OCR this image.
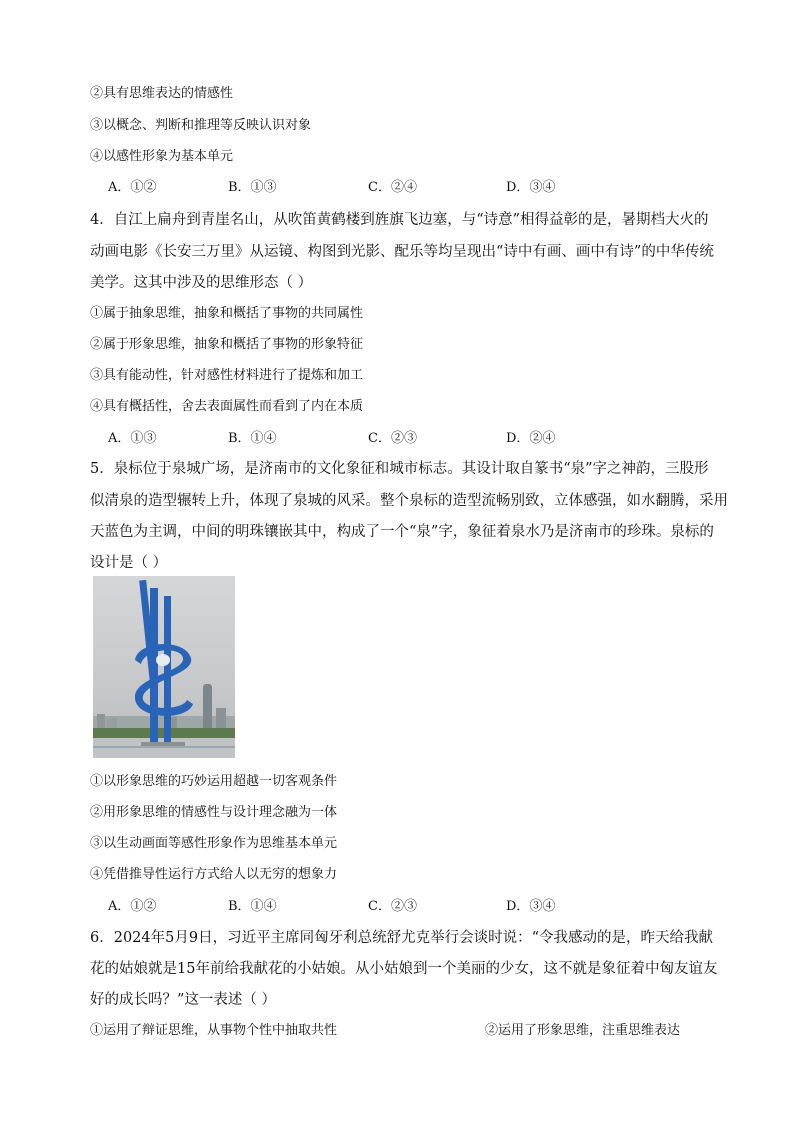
②具有思维表达的情感性
③以概念、判断和推理等反映认识对象
④以感性形象为基本单元
A．①②	B．①③	C．②④	D．③④
4．自江上扁舟到青崖名山，从吹笛黄鹤楼到旌旗飞边塞，与“诗意”相得益彰的是，暑期档大火的
动画电影《长安三万里》从运镜、构图到光影、配乐等均呈现出“诗中有画、画中有诗”的中华传统
美学。这其中涉及的思维形态（ ）
①属于抽象思维，抽象和概括了事物的共同属性
②属于形象思维，抽象和概括了事物的形象特征
③具有能动性，针对感性材料进行了提炼和加工
④具有概括性，舍去表面属性而看到了内在本质
A．①③	B．①④	C．②③	D．②④
5．泉标位于泉城广场，是济南市的文化象征和城市标志。其设计取自篆书“泉”字之神韵，三股形
似清泉的造型辗转上升，体现了泉城的风采。整个泉标的造型流畅别致，立体感强，如水翻腾，采用
天蓝色为主调，中间的明珠镶嵌其中，构成了一个“泉”字，象征着泉水乃是济南市的珍珠。泉标的
设计是（ ）
①以形象思维的巧妙运用超越一切客观条件
②用形象思维的情感性与设计理念融为一体
③以生动画面等感性形象作为思维基本单元
④凭借推导性运行方式给人以无穷的想象力
A．①②	B．①④	C．②③	D．③④
6．2024年5月9日，习近平主席同匈牙利总统舒尤克举行会谈时说：“令我感动的是，昨天给我献
花的姑娘就是15年前给我献花的小姑娘。从小姑娘到一个美丽的少女，这不就是象征着中匈友谊友
好的成长吗？”这一表述（ ）
①运用了辩证思维，从事物个性中抽取共性	②运用了形象思维，注重思维表达
